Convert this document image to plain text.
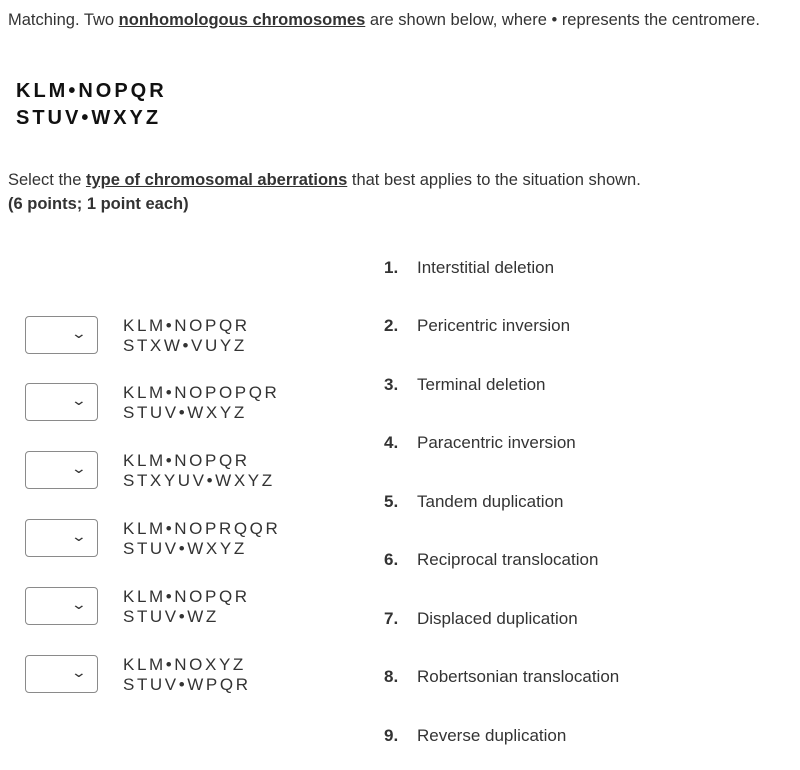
Matching. Two nonhomologous chromosomes are shown below, where • represents the centromere.
KLM•NOPQR
STUV•WXYZ
Select the type of chromosomal aberrations that best applies to the situation shown.
(6 points; 1 point each)
⌄ KLM•NOPQR
STXW•VUYZ
⌄ KLM•NOPOPQR
STUV•WXYZ
⌄ KLM•NOPQR
STXYUV•WXYZ
⌄ KLM•NOPRQQR
STUV•WXYZ
⌄ KLM•NOPQR
STUV•WZ
⌄ KLM•NOXYZ
STUV•WPQR
1. Interstitial deletion
2. Pericentric inversion
3. Terminal deletion
4. Paracentric inversion
5. Tandem duplication
6. Reciprocal translocation
7. Displaced duplication
8. Robertsonian translocation
9. Reverse duplication
